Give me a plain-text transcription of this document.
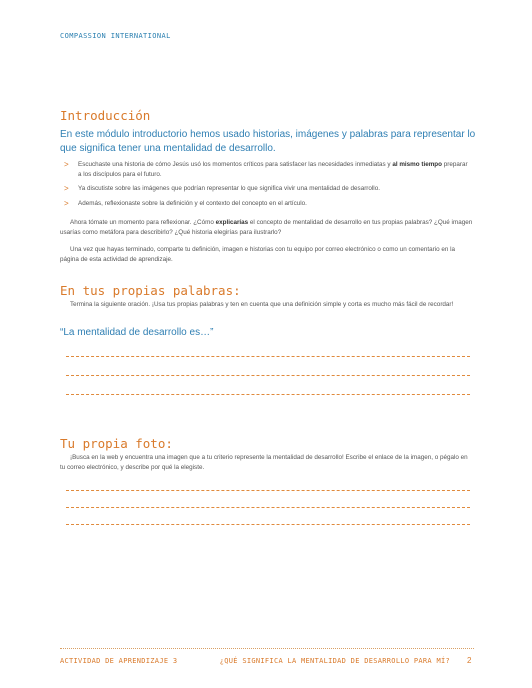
COMPASSION INTERNATIONAL
Introducción

En este módulo introductorio hemos usado historias, imágenes y palabras para representar lo que significa tener una mentalidad de desarrollo.

> Escuchaste una historia de cómo Jesús usó los momentos críticos para satisfacer las necesidades inmediatas y al mismo tiempo preparar a los discípulos para el futuro.
> Ya discutiste sobre las imágenes que podrían representar lo que significa vivir una mentalidad de desarrollo.
> Además, reflexionaste sobre la definición y el contexto del concepto en el artículo.

Ahora tómate un momento para reflexionar. ¿Cómo explicarías el concepto de mentalidad de desarrollo en tus propias palabras? ¿Qué imagen usarías como metáfora para describirlo? ¿Qué historia elegirías para ilustrarlo?

Una vez que hayas terminado, comparte tu definición, imagen e historias con tu equipo por correo electrónico o como un comentario en la página de esta actividad de aprendizaje.

En tus propias palabras:

Termina la siguiente oración. ¡Usa tus propias palabras y ten en cuenta que una definición simple y corta es mucho más fácil de recordar!

“La mentalidad de desarrollo es…”

Tu propia foto:

¡Busca en la web y encuentra una imagen que a tu criterio represente la mentalidad de desarrollo! Escribe el enlace de la imagen, o pégalo en tu correo electrónico, y describe por qué la elegiste.

ACTIVIDAD DE APRENDIZAJE 3	¿QUÉ SIGNIFICA LA MENTALIDAD DE DESARROLLO PARA MÍ? 2
